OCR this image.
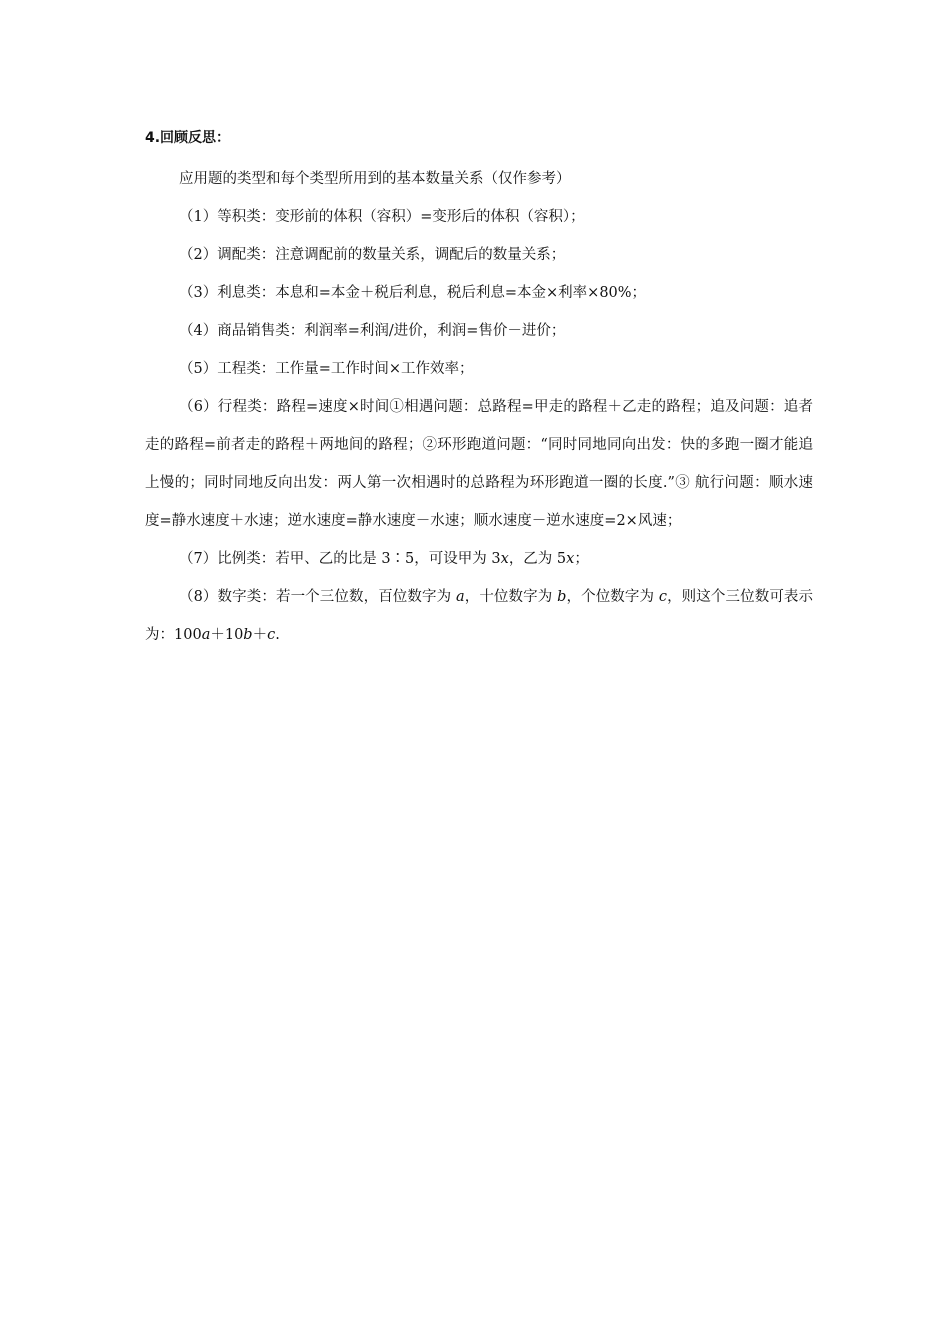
4.回顾反思：

应用题的类型和每个类型所用到的基本数量关系（仅作参考）

（1）等积类：变形前的体积（容积）=变形后的体积（容积）；

（2）调配类：注意调配前的数量关系，调配后的数量关系；

（3）利息类：本息和=本金＋税后利息，税后利息=本金×利率×80%；

（4）商品销售类：利润率=利润/进价，利润=售价－进价；

（5）工程类：工作量=工作时间×工作效率；

（6）行程类：路程=速度×时间①相遇问题：总路程=甲走的路程＋乙走的路程；追及问题：追者走的路程=前者走的路程＋两地间的路程；②环形跑道问题：“同时同地同向出发：快的多跑一圈才能追上慢的；同时同地反向出发：两人第一次相遇时的总路程为环形跑道一圈的长度.”③ 航行问题：顺水速度=静水速度＋水速；逆水速度=静水速度－水速；顺水速度－逆水速度=2×风速；

（7）比例类：若甲、乙的比是 3∶5，可设甲为 3x，乙为 5x；

（8）数字类：若一个三位数，百位数字为 a，十位数字为 b，个位数字为 c，则这个三位数可表示为：100a＋10b＋c.
